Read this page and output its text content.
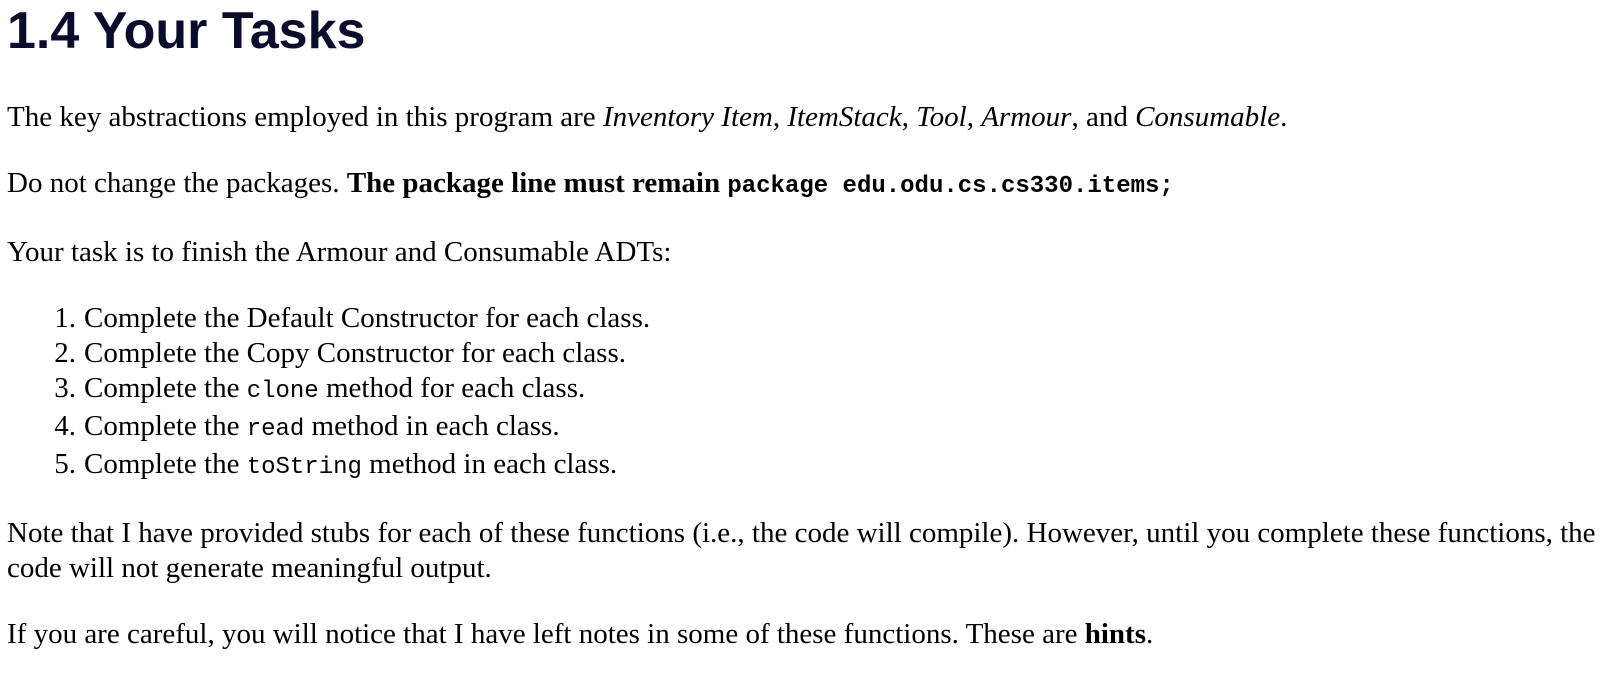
1.4 Your Tasks

The key abstractions employed in this program are Inventory Item, ItemStack, Tool, Armour, and Consumable.

Do not change the packages. The package line must remain package edu.odu.cs.cs330.items;

Your task is to finish the Armour and Consumable ADTs:

1. Complete the Default Constructor for each class.
2. Complete the Copy Constructor for each class.
3. Complete the clone method for each class.
4. Complete the read method in each class.
5. Complete the toString method in each class.

Note that I have provided stubs for each of these functions (i.e., the code will compile). However, until you complete these functions, the code will not generate meaningful output.

If you are careful, you will notice that I have left notes in some of these functions. These are hints.
